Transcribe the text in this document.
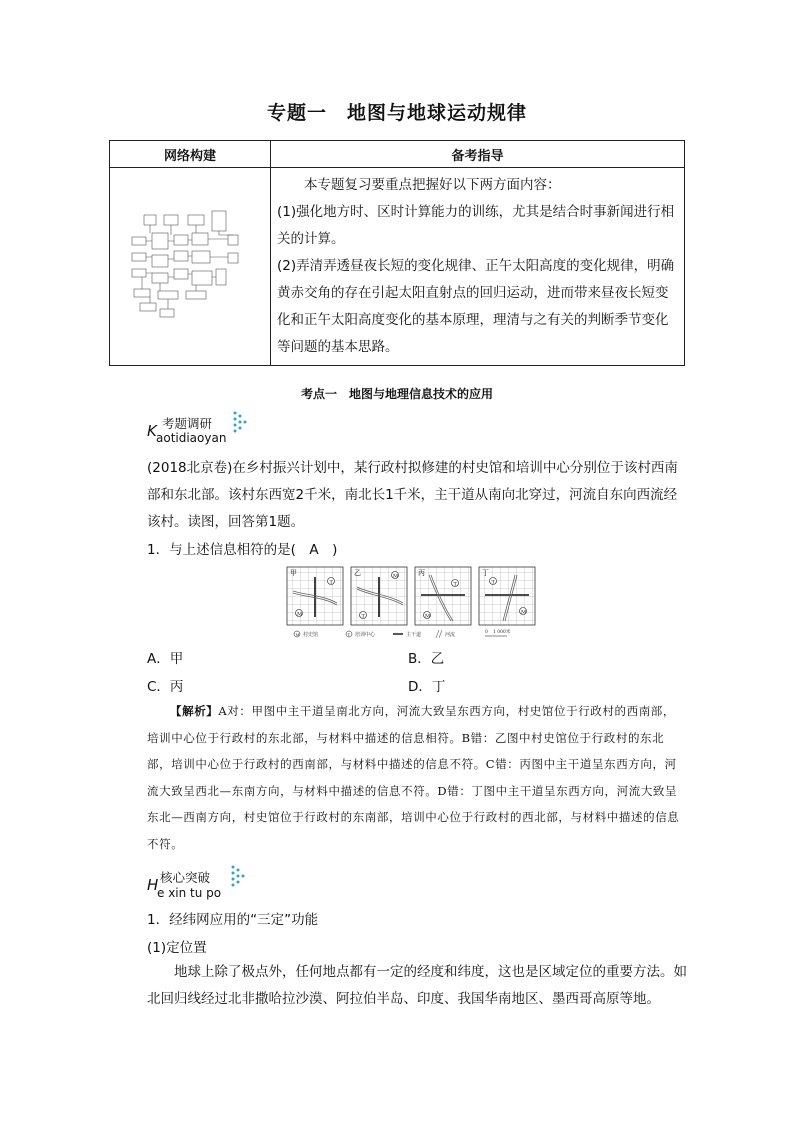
专题一　地图与地球运动规律
网络构建	备考指导

本专题复习要重点把握好以下两方面内容：
(1)强化地方时、区时计算能力的训练，尤其是结合时事新闻进行相关的计算。
(2)弄清弄透昼夜长短的变化规律、正午太阳高度的变化规律，明确黄赤交角的存在引起太阳直射点的回归运动，进而带来昼夜长短变化和正午太阳高度变化的基本原理，理清与之有关的判断季节变化等问题的基本思路。
考点一　地图与地理信息技术的应用
K 考题调研
aotidiaoyan
(2018北京卷)在乡村振兴计划中，某行政村拟修建的村史馆和培训中心分别位于该村西南部和东北部。该村东西宽2千米，南北长1千米，主干道从南向北穿过，河流自东向西流经该村。读图，回答第1题。
1．与上述信息相符的是(　A　)
甲
M
T
乙	M
T
丙
T
M
丁
T
M
M 村史馆	T 培训中心	主干道	河流	0 1 000米
A．甲	B．乙
C．丙	D．丁
【解析】A对：甲图中主干道呈南北方向，河流大致呈东西方向，村史馆位于行政村的西南部，培训中心位于行政村的东北部，与材料中描述的信息相符。B错：乙图中村史馆位于行政村的东北部，培训中心位于行政村的西南部，与材料中描述的信息不符。C错：丙图中主干道呈东西方向，河流大致呈西北—东南方向，与材料中描述的信息不符。D错：丁图中主干道呈东西方向，河流大致呈东北—西南方向，村史馆位于行政村的东南部，培训中心位于行政村的西北部，与材料中描述的信息不符。
H 核心突破
e xin tu po
1．经纬网应用的“三定”功能
(1)定位置
地球上除了极点外，任何地点都有一定的经度和纬度，这也是区域定位的重要方法。如北回归线经过北非撒哈拉沙漠、阿拉伯半岛、印度、我国华南地区、墨西哥高原等地。
